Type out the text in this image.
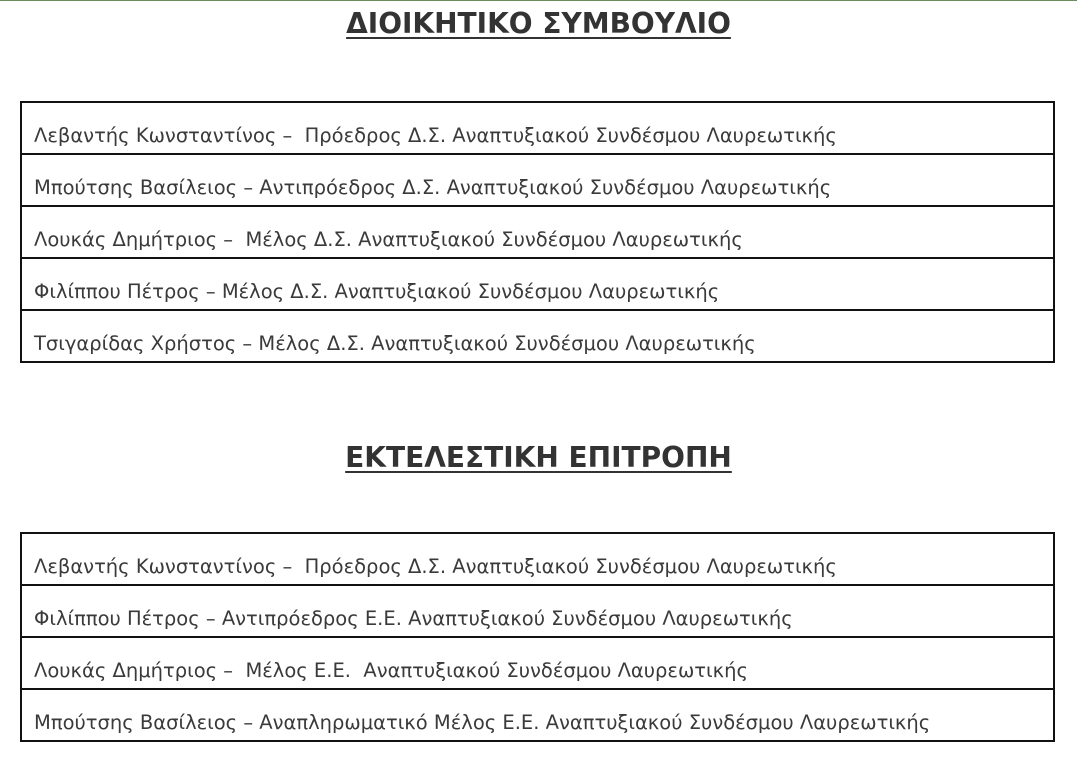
ΔΙΟΙΚΗΤΙΚΟ ΣΥΜΒΟΥΛΙΟ
Λεβαντής Κωνσταντίνος –  Πρόεδρος Δ.Σ. Αναπτυξιακού Συνδέσμου Λαυρεωτικής
Μπούτσης Βασίλειος – Αντιπρόεδρος Δ.Σ. Αναπτυξιακού Συνδέσμου Λαυρεωτικής
Λουκάς Δημήτριος –  Μέλος Δ.Σ. Αναπτυξιακού Συνδέσμου Λαυρεωτικής
Φιλίππου Πέτρος – Μέλος Δ.Σ. Αναπτυξιακού Συνδέσμου Λαυρεωτικής
Τσιγαρίδας Χρήστος – Μέλος Δ.Σ. Αναπτυξιακού Συνδέσμου Λαυρεωτικής
ΕΚΤΕΛΕΣΤΙΚΗ ΕΠΙΤΡΟΠΗ
Λεβαντής Κωνσταντίνος –  Πρόεδρος Δ.Σ. Αναπτυξιακού Συνδέσμου Λαυρεωτικής
Φιλίππου Πέτρος – Αντιπρόεδρος Ε.Ε. Αναπτυξιακού Συνδέσμου Λαυρεωτικής
Λουκάς Δημήτριος –  Μέλος Ε.Ε.  Αναπτυξιακού Συνδέσμου Λαυρεωτικής
Μπούτσης Βασίλειος – Αναπληρωματικό Μέλος Ε.Ε. Αναπτυξιακού Συνδέσμου Λαυρεωτικής
